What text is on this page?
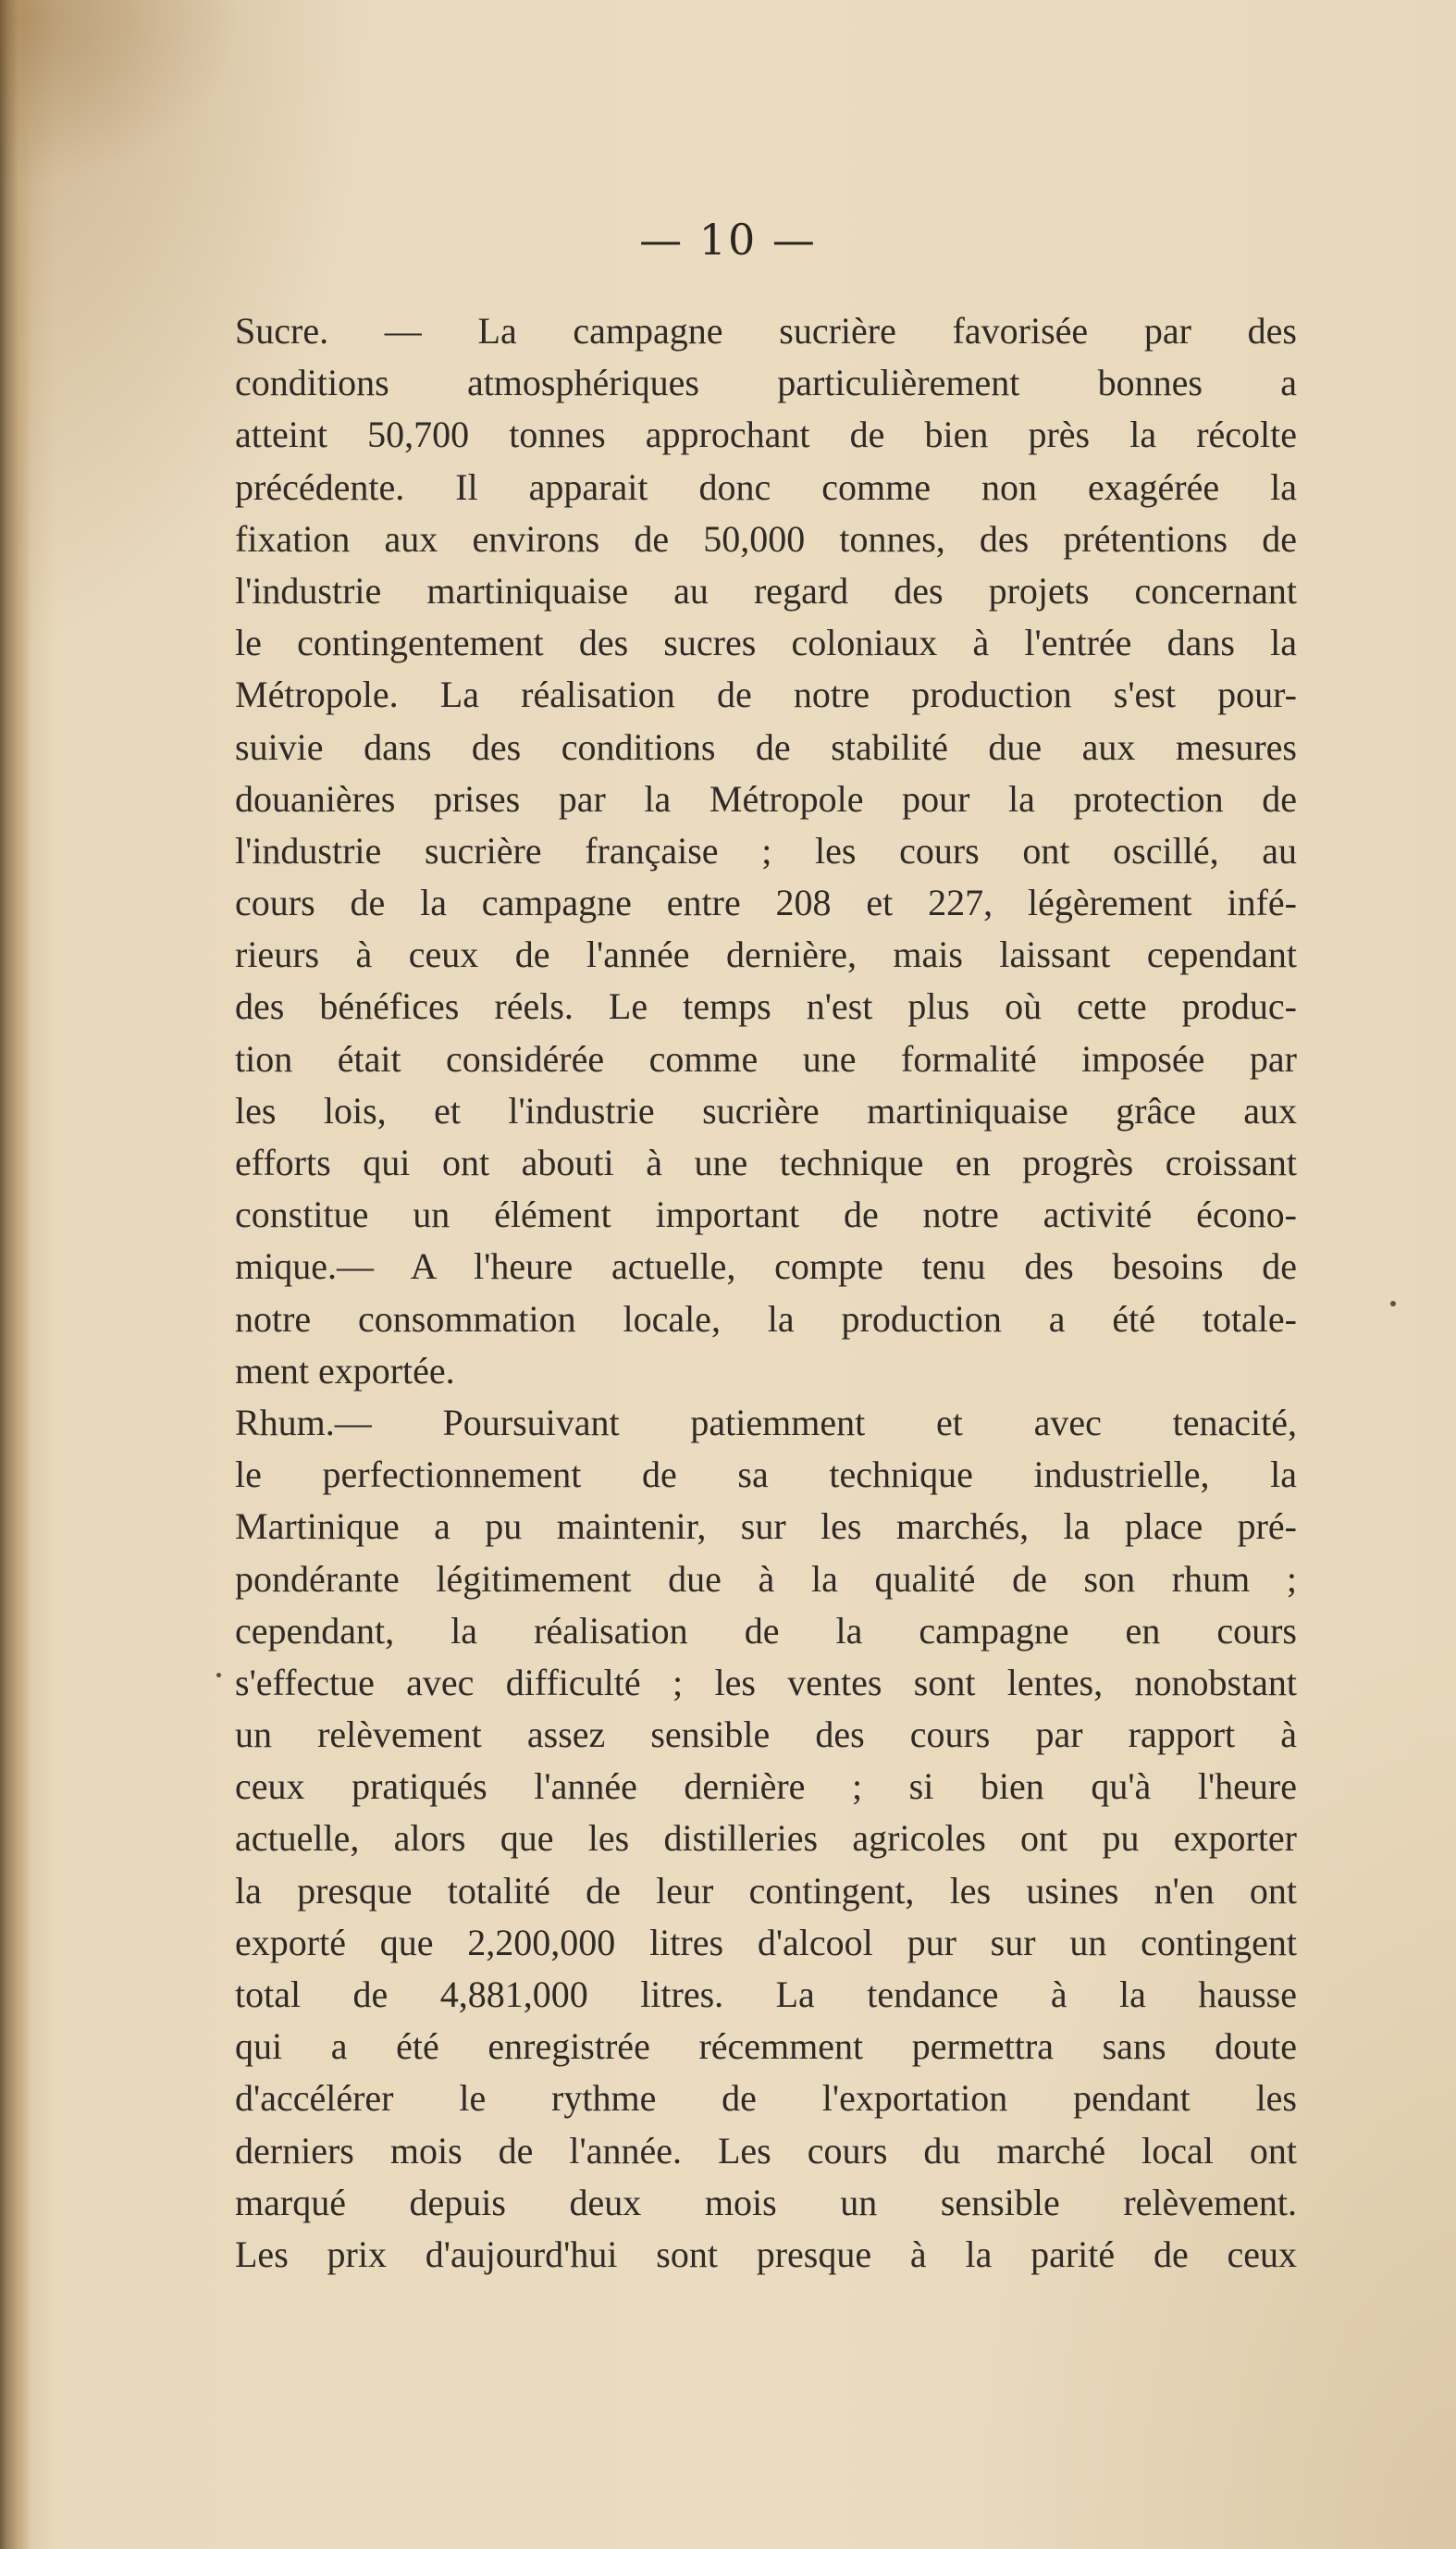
— 10 —
Sucre. — La campagne sucrière favorisée par des
conditions atmosphériques particulièrement bonnes a
atteint 50,700 tonnes approchant de bien près la récolte
précédente. Il apparait donc comme non exagérée la
fixation aux environs de 50,000 tonnes, des prétentions de
l'industrie martiniquaise au regard des projets concernant
le contingentement des sucres coloniaux à l'entrée dans la
Métropole. La réalisation de notre production s'est pour-
suivie dans des conditions de stabilité due aux mesures
douanières prises par la Métropole pour la protection de
l'industrie sucrière française ; les cours ont oscillé, au
cours de la campagne entre 208 et 227, légèrement infé-
rieurs à ceux de l'année dernière, mais laissant cependant
des bénéfices réels. Le temps n'est plus où cette produc-
tion était considérée comme une formalité imposée par
les lois, et l'industrie sucrière martiniquaise grâce aux
efforts qui ont abouti à une technique en progrès croissant
constitue un élément important de notre activité écono-
mique.— A l'heure actuelle, compte tenu des besoins de
notre consommation locale, la production a été totale-
ment exportée.
Rhum.— Poursuivant patiemment et avec tenacité,
le perfectionnement de sa technique industrielle, la
Martinique a pu maintenir, sur les marchés, la place pré-
pondérante légitimement due à la qualité de son rhum ;
cependant, la réalisation de la campagne en cours
s'effectue avec difficulté ; les ventes sont lentes, nonobstant
un relèvement assez sensible des cours par rapport à
ceux pratiqués l'année dernière ; si bien qu'à l'heure
actuelle, alors que les distilleries agricoles ont pu exporter
la presque totalité de leur contingent, les usines n'en ont
exporté que 2,200,000 litres d'alcool pur sur un contingent
total de 4,881,000 litres. La tendance à la hausse
qui a été enregistrée récemment permettra sans doute
d'accélérer le rythme de l'exportation pendant les
derniers mois de l'année. Les cours du marché local ont
marqué depuis deux mois un sensible relèvement.
Les prix d'aujourd'hui sont presque à la parité de ceux
